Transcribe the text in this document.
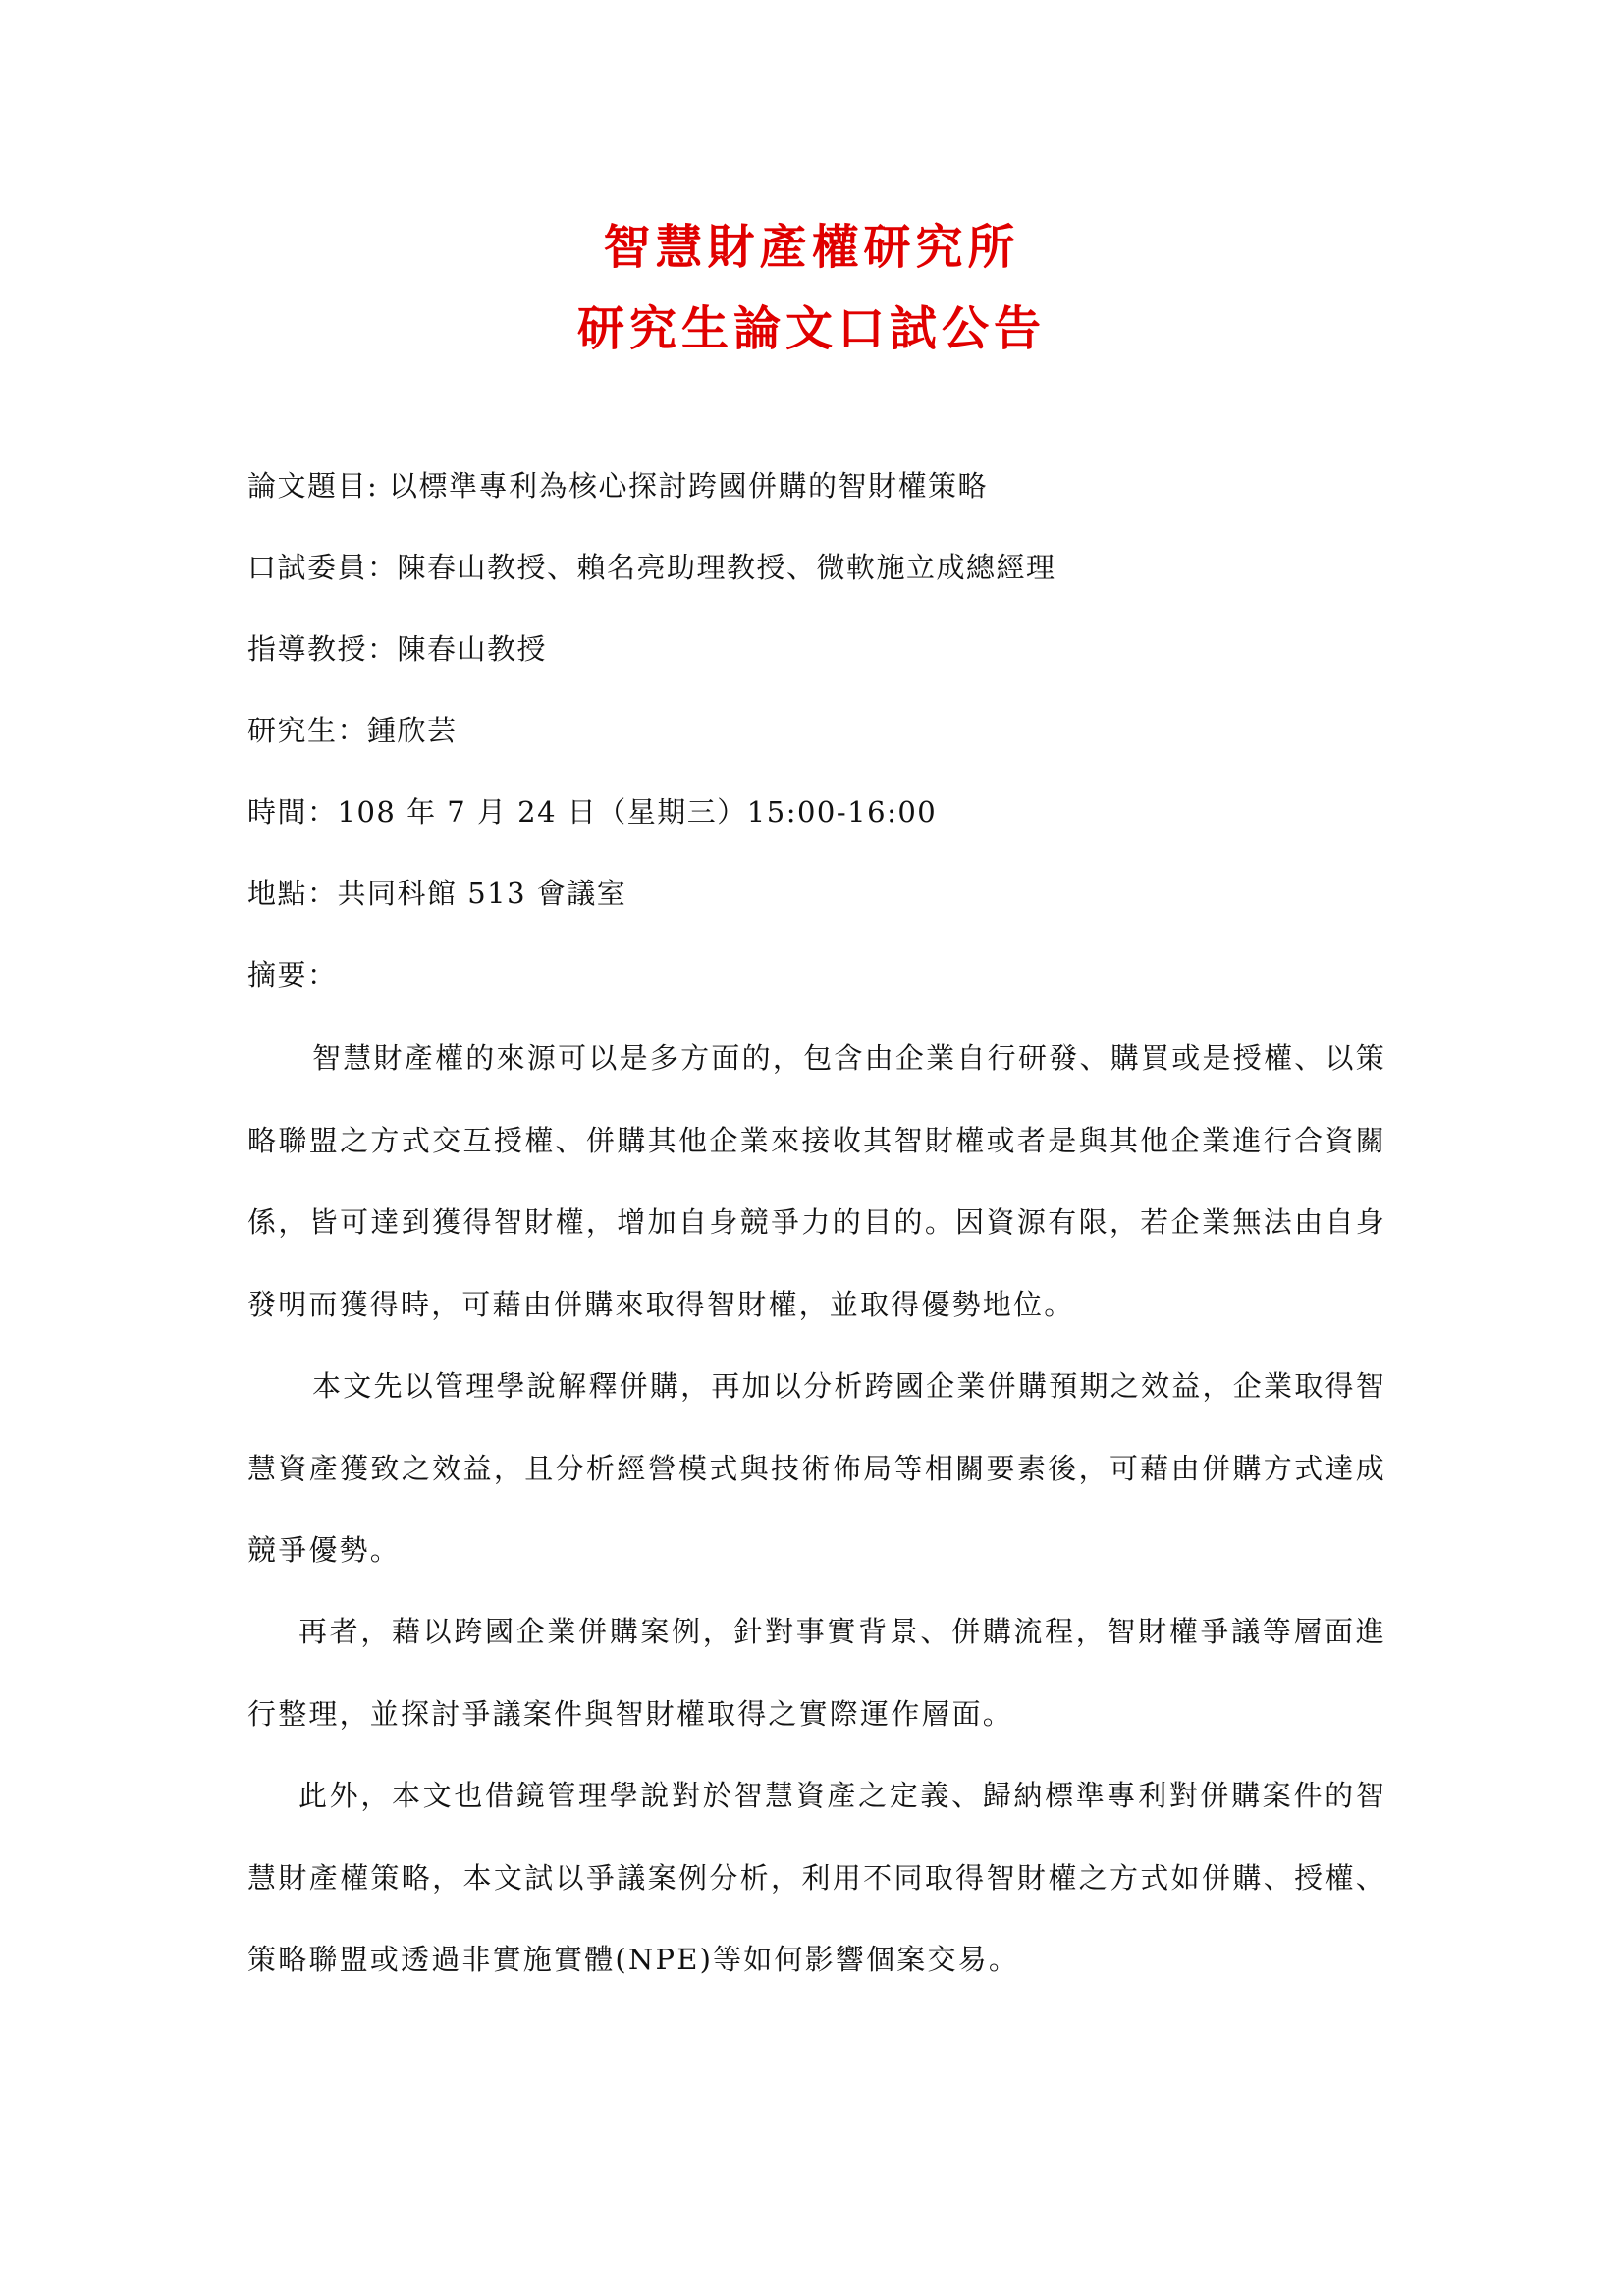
智慧財產權研究所
研究生論文口試公告
論文題目: 以標準專利為核心探討跨國併購的智財權策略
口試委員：陳春山教授、賴名亮助理教授、微軟施立成總經理
指導教授：陳春山教授
研究生：鍾欣芸
時間：108 年 7 月 24 日（星期三）15:00-16:00
地點：共同科館 513 會議室
摘要：

智慧財產權的來源可以是多方面的，包含由企業自行研發、購買或是授權、以策略聯盟之方式交互授權、併購其他企業來接收其智財權或者是與其他企業進行合資關係，皆可達到獲得智財權，增加自身競爭力的目的。因資源有限，若企業無法由自身發明而獲得時，可藉由併購來取得智財權，並取得優勢地位。

本文先以管理學說解釋併購，再加以分析跨國企業併購預期之效益，企業取得智慧資產獲致之效益，且分析經營模式與技術佈局等相關要素後，可藉由併購方式達成競爭優勢。

再者，藉以跨國企業併購案例，針對事實背景、併購流程，智財權爭議等層面進行整理，並探討爭議案件與智財權取得之實際運作層面。

此外，本文也借鏡管理學說對於智慧資產之定義、歸納標準專利對併購案件的智慧財產權策略，本文試以爭議案例分析，利用不同取得智財權之方式如併購、授權、策略聯盟或透過非實施實體(NPE)等如何影響個案交易。
